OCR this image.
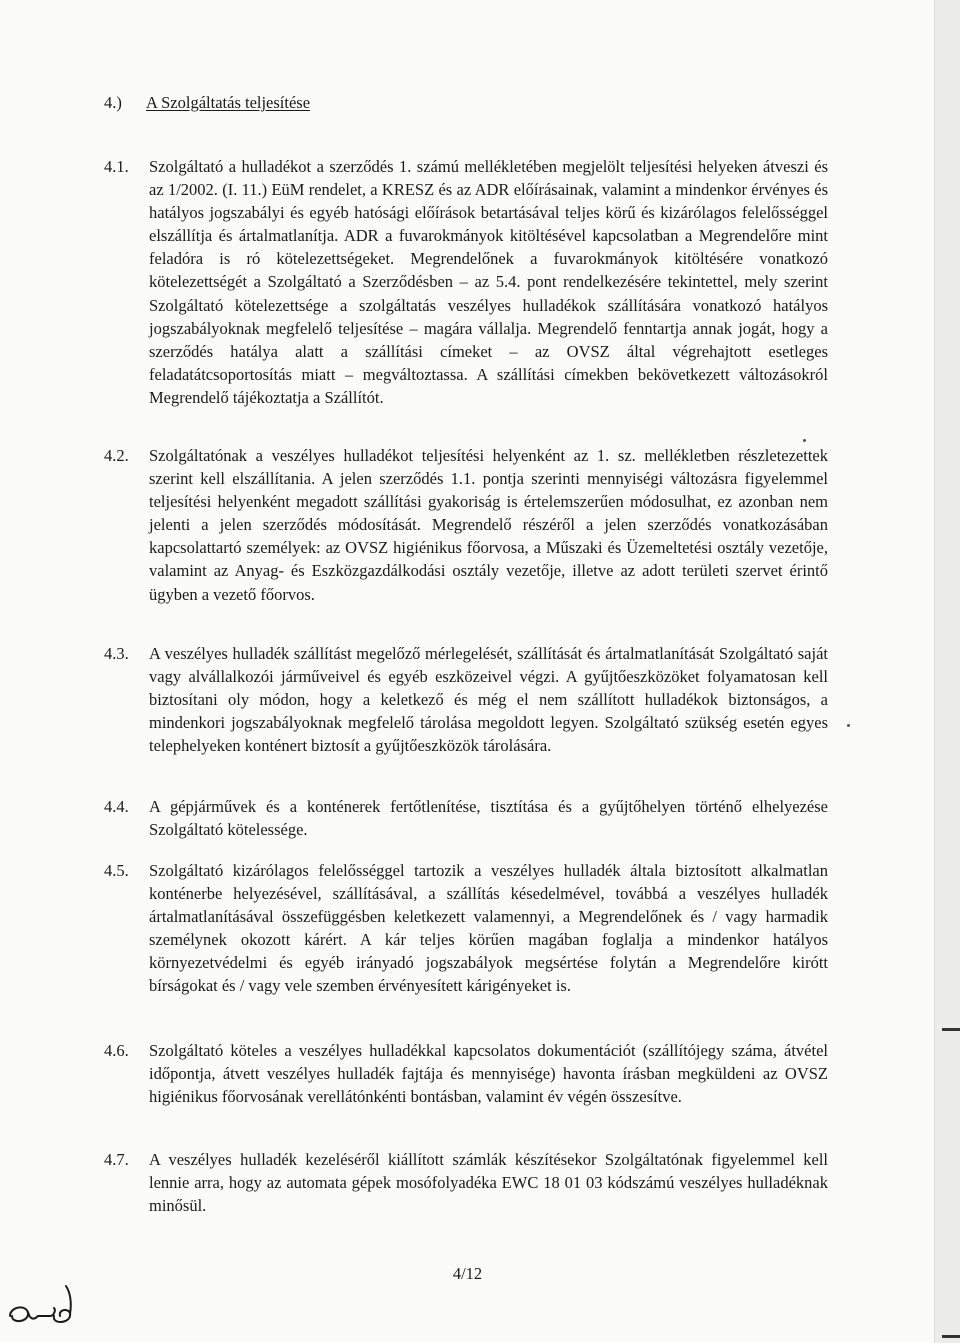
4.) A Szolgáltatás teljesítése
4.1.	Szolgáltató a hulladékot a szerződés 1. számú mellékletében megjelölt teljesítési helyeken átveszi és az 1/2002. (I. 11.) EüM rendelet, a KRESZ és az ADR előírásainak, valamint a mindenkor érvényes és hatályos jogszabályi és egyéb hatósági előírások betartásával teljes körű és kizárólagos felelősséggel elszállítja és ártalmatlanítja. ADR a fuvarokmányok kitöltésével kapcsolatban a Megrendelőre mint feladóra is ró kötelezettségeket. Megrendelőnek a fuvarokmányok kitöltésére vonatkozó kötelezettségét a Szolgáltató a Szerződésben – az 5.4. pont rendelkezésére tekintettel, mely szerint Szolgáltató kötelezettsége a szolgáltatás veszélyes hulladékok szállítására vonatkozó hatályos jogszabályoknak megfelelő teljesítése – magára vállalja. Megrendelő fenntartja annak jogát, hogy a szerződés hatálya alatt a szállítási címeket – az OVSZ által végrehajtott esetleges feladatátcsoportosítás miatt – megváltoztassa. A szállítási címekben bekövetkezett változásokról Megrendelő tájékoztatja a Szállítót.
4.2.	Szolgáltatónak a veszélyes hulladékot teljesítési helyenként az 1. sz. mellékletben részletezettek szerint kell elszállítania. A jelen szerződés 1.1. pontja szerinti mennyiségi változásra figyelemmel teljesítési helyenként megadott szállítási gyakoriság is értelemszerűen módosulhat, ez azonban nem jelenti a jelen szerződés módosítását. Megrendelő részéről a jelen szerződés vonatkozásában kapcsolattartó személyek: az OVSZ higiénikus főorvosa, a Műszaki és Üzemeltetési osztály vezetője, valamint az Anyag- és Eszközgazdálkodási osztály vezetője, illetve az adott területi szervet érintő ügyben a vezető főorvos.
4.3.	A veszélyes hulladék szállítást megelőző mérlegelését, szállítását és ártalmatlanítását Szolgáltató saját vagy alvállalkozói járműveivel és egyéb eszközeivel végzi. A gyűjtőeszközöket folyamatosan kell biztosítani oly módon, hogy a keletkező és még el nem szállított hulladékok biztonságos, a mindenkori jogszabályoknak megfelelő tárolása megoldott legyen. Szolgáltató szükség esetén egyes telephelyeken konténert biztosít a gyűjtőeszközök tárolására.
4.4.	A gépjárművek és a konténerek fertőtlenítése, tisztítása és a gyűjtőhelyen történő elhelyezése Szolgáltató kötelessége.
4.5.	Szolgáltató kizárólagos felelősséggel tartozik a veszélyes hulladék általa biztosított alkalmatlan konténerbe helyezésével, szállításával, a szállítás késedelmével, továbbá a veszélyes hulladék ártalmatlanításával összefüggésben keletkezett valamennyi, a Megrendelőnek és / vagy harmadik személynek okozott kárért. A kár teljes körűen magában foglalja a mindenkor hatályos környezetvédelmi és egyéb irányadó jogszabályok megsértése folytán a Megrendelőre kirótt bírságokat és / vagy vele szemben érvényesített kárigényeket is.
4.6.	Szolgáltató köteles a veszélyes hulladékkal kapcsolatos dokumentációt (szállítójegy száma, átvétel időpontja, átvett veszélyes hulladék fajtája és mennyisége) havonta írásban megküldeni az OVSZ higiénikus főorvosának verellátónkénti bontásban, valamint év végén összesítve.
4.7.	A veszélyes hulladék kezeléséről kiállított számlák készítésekor Szolgáltatónak figyelemmel kell lennie arra, hogy az automata gépek mosófolyadéka EWC 18 01 03 kódszámú veszélyes hulladéknak minősül.
4/12
